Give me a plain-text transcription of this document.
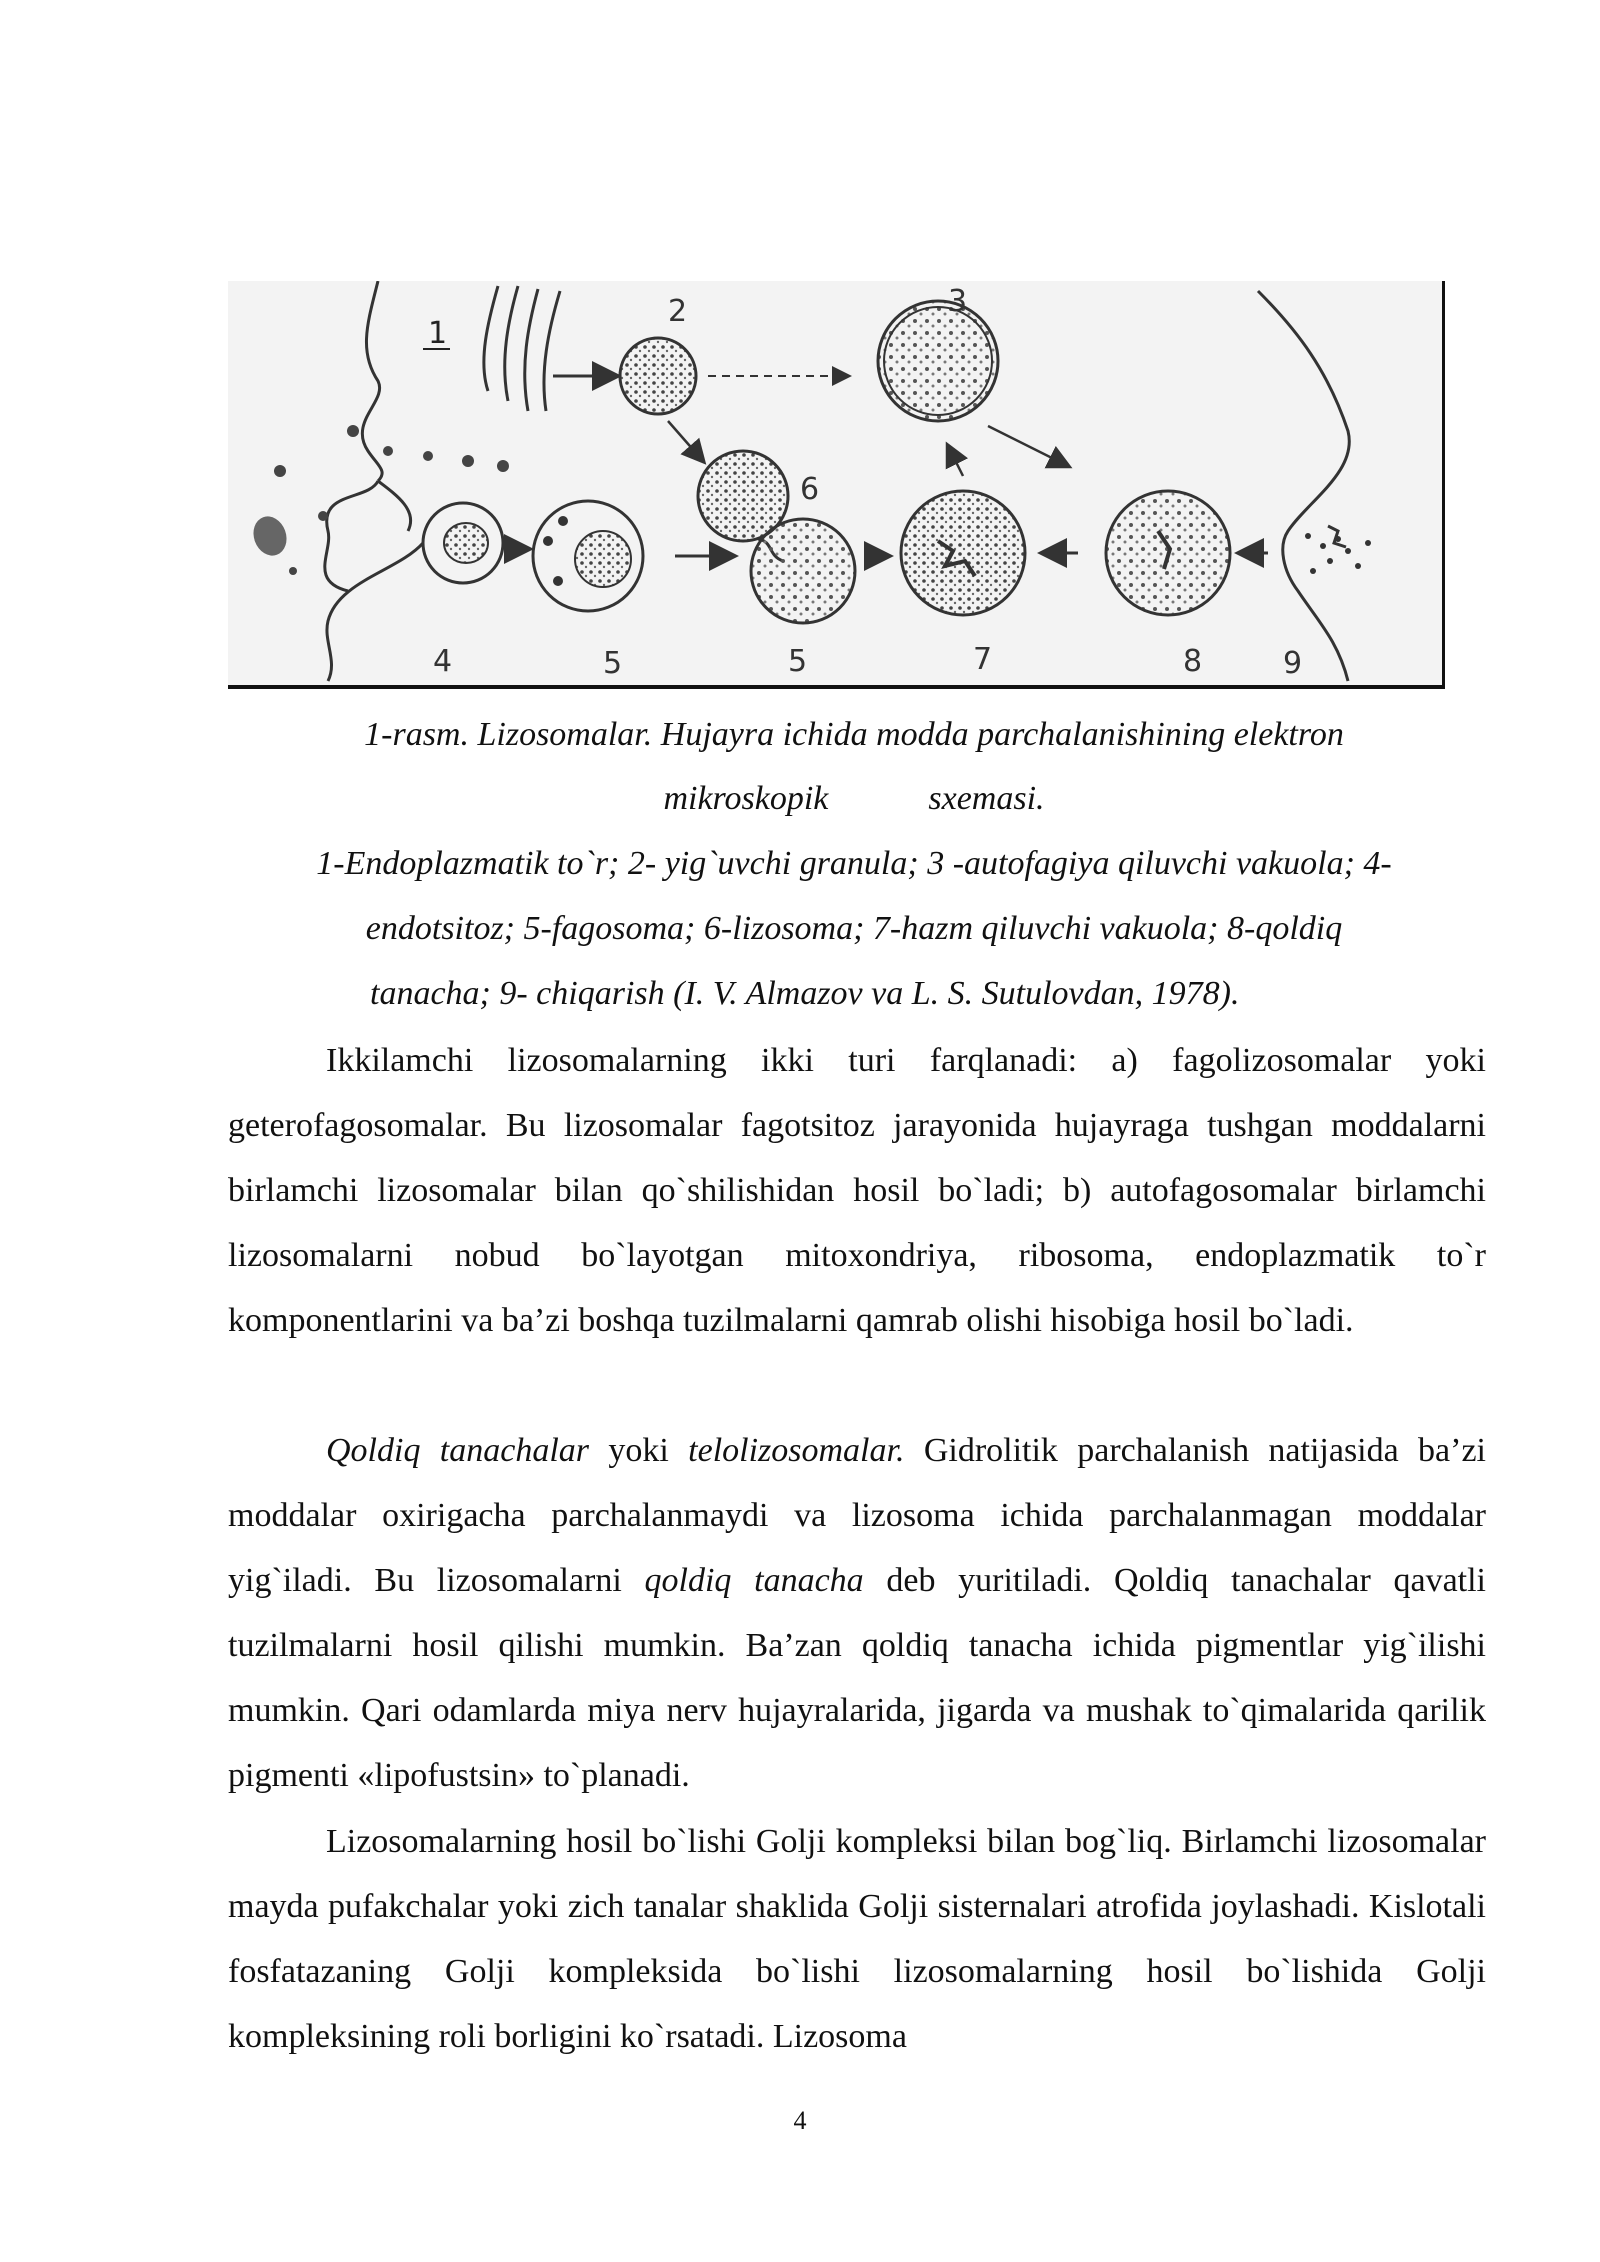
1
2	3
6
4	5	5	7	8	9
1-rasm. Lizosomalar. Hujayra ichida modda parchalanishining elektron
mikroskopik	sxemasi.
1-Endoplazmatik to`r; 2- yig`uvchi granula; 3 -autofagiya qiluvchi vakuola; 4-
endotsitoz; 5-fagosoma; 6-lizosoma; 7-hazm qiluvchi vakuola; 8-qoldiq
tanacha; 9- chiqarish (I. V. Almazov va L. S. Sutulovdan, 1978).

Ikkilamchi lizosomalarning ikki turi farqlanadi: a) fagolizosomalar yoki geterofagosomalar. Bu lizosomalar fagotsitoz jarayonida hujayraga tushgan moddalarni birlamchi lizosomalar bilan qo`shilishidan hosil bo`ladi; b) autofagosomalar birlamchi lizosomalarni nobud bo`layotgan mitoxondriya, ribosoma, endoplazmatik to`r komponentlarini va ba’zi boshqa tuzilmalarni qamrab olishi hisobiga hosil bo`ladi.

Qoldiq tanachalar yoki telolizosomalar. Gidrolitik parchalanish natijasida ba’zi moddalar oxirigacha parchalanmaydi va lizosoma ichida parchalanmagan moddalar yig`iladi. Bu lizosomalarni qoldiq tanacha deb yuritiladi. Qoldiq tanachalar qavatli tuzilmalarni hosil qilishi mumkin. Ba’zan qoldiq tanacha ichida pigmentlar yig`ilishi mumkin. Qari odamlarda miya nerv hujayralarida, jigarda va mushak to`qimalarida qarilik pigmenti «lipofustsin» to`planadi.

Lizosomalarning hosil bo`lishi Golji kompleksi bilan bog`liq. Birlamchi lizosomalar mayda pufakchalar yoki zich tanalar shaklida Golji sisternalari atrofida joylashadi. Kislotali fosfatazaning Golji kompleksida bo`lishi lizosomalarning hosil bo`lishida Golji kompleksining roli borligini ko`rsatadi. Lizosoma

4
